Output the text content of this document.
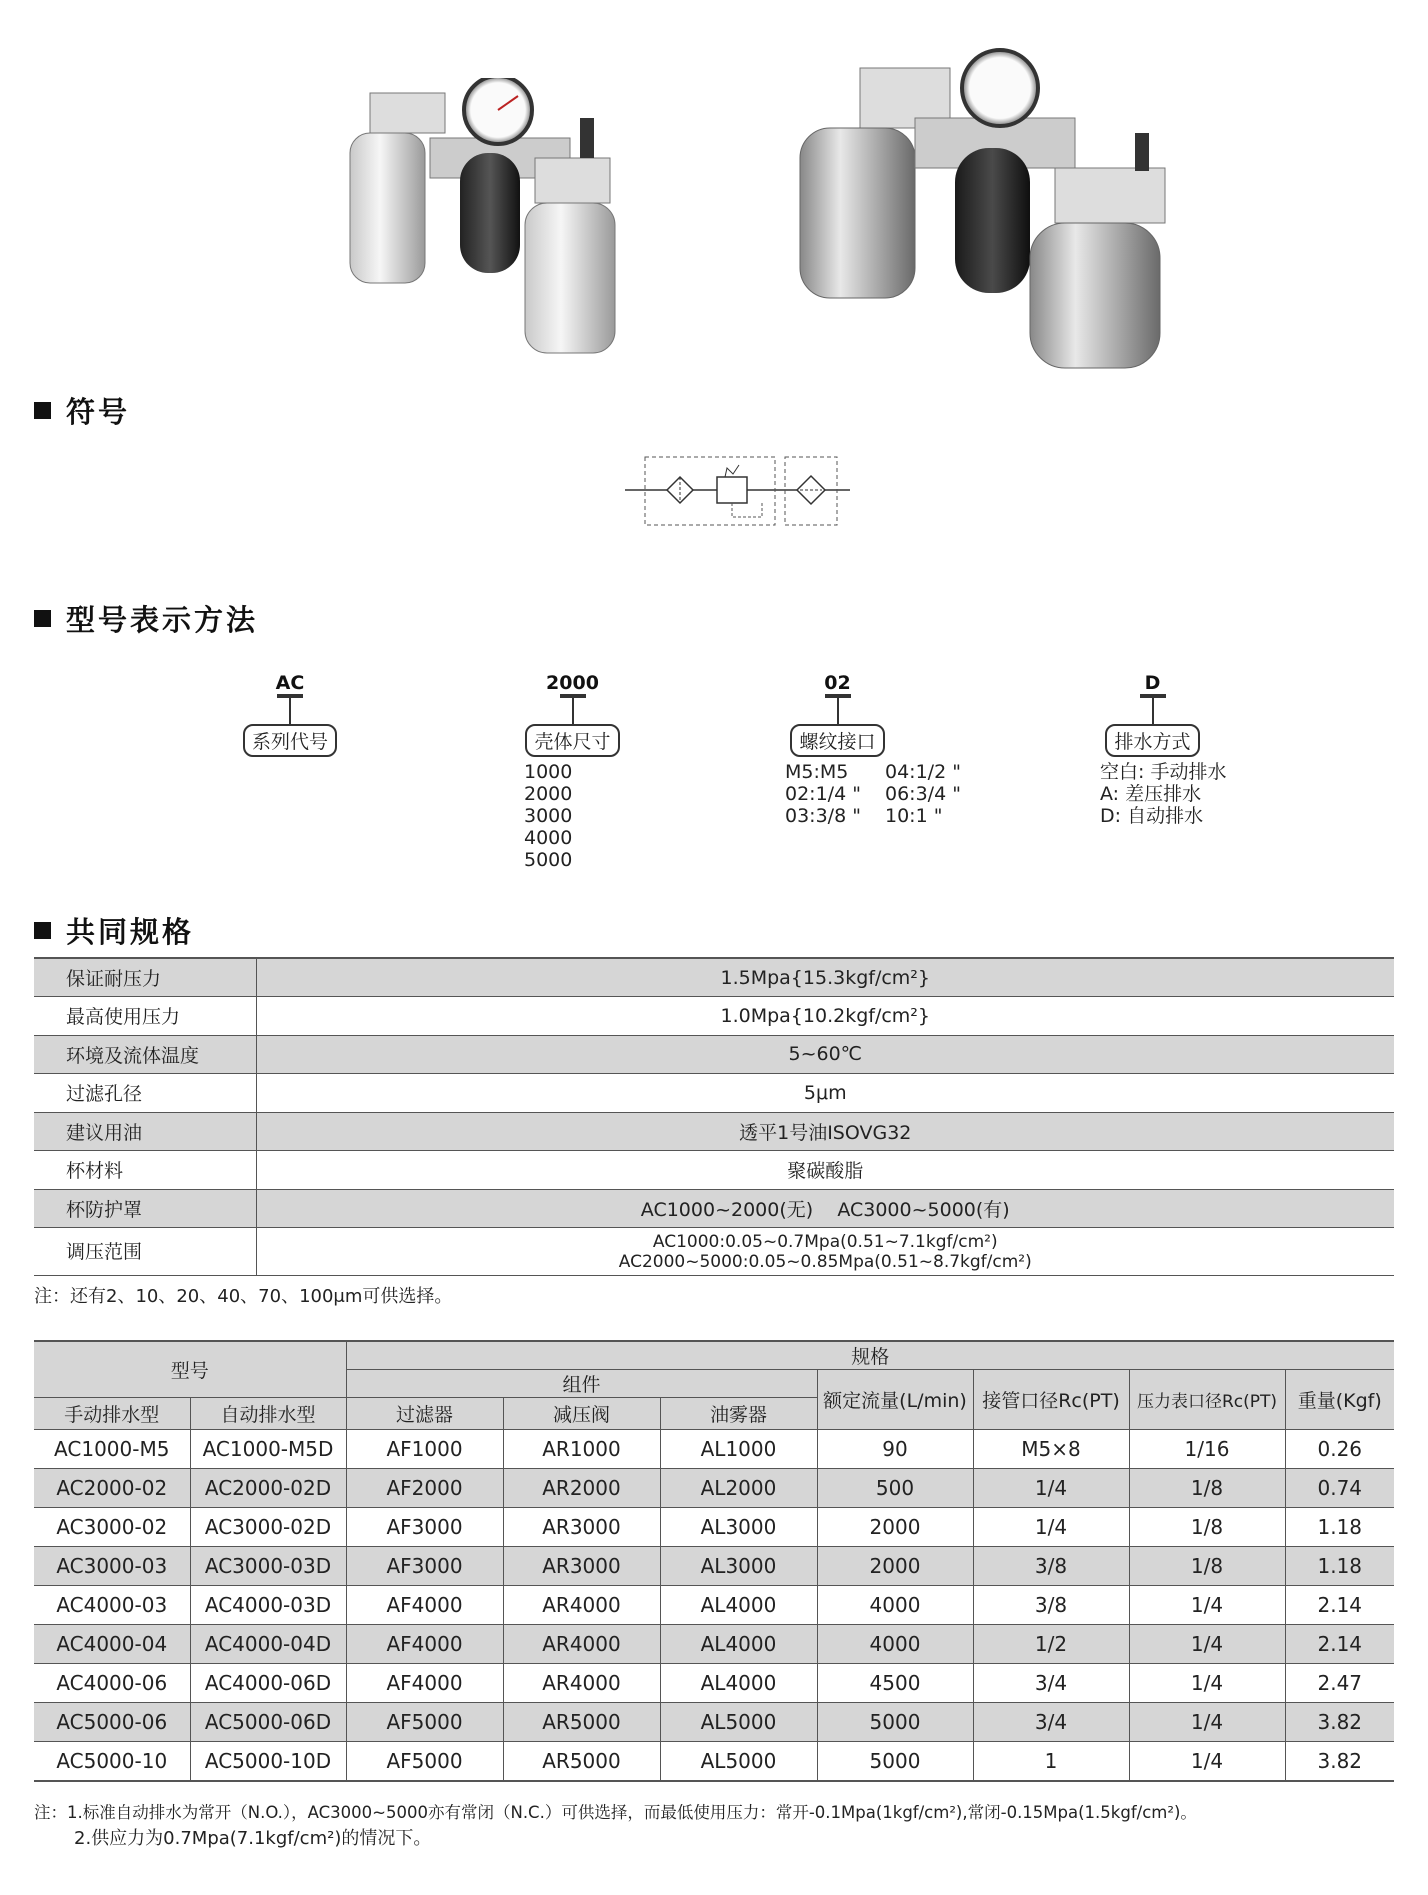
符号
型号表示方法
AC
系列代号
2000
壳体尺寸
1000
2000
3000
4000
5000
02
螺纹接口
M5:M5	04:1/2 "
02:1/4 "	06:3/4 "
03:3/8 "	10:1 "
D
排水方式
空白: 手动排水
A: 差压排水
D: 自动排水
共同规格
保证耐压力	1.5Mpa{15.3kgf/cm²}
最高使用压力	1.0Mpa{10.2kgf/cm²}
环境及流体温度	5~60℃
过滤孔径	5μm
建议用油	透平1号油ISOVG32
杯材料	聚碳酸脂
杯防护罩	AC1000~2000(无)    AC3000~5000(有)
调压范围	AC1000:0.05~0.7Mpa(0.51~7.1kgf/cm²)
AC2000~5000:0.05~0.85Mpa(0.51~8.7kgf/cm²)
注：还有2、10、20、40、70、100μm可供选择。
型号		规格						
		组件			额定流量(L/min)	接管口径Rc(PT)	压力表口径Rc(PT)	重量(Kgf)
手动排水型	自动排水型	过滤器	减压阀	油雾器				
AC1000-M5	AC1000-M5D	AF1000	AR1000	AL1000	90	M5×8	1/16	0.26
AC2000-02	AC2000-02D	AF2000	AR2000	AL2000	500	1/4	1/8	0.74
AC3000-02	AC3000-02D	AF3000	AR3000	AL3000	2000	1/4	1/8	1.18
AC3000-03	AC3000-03D	AF3000	AR3000	AL3000	2000	3/8	1/8	1.18
AC4000-03	AC4000-03D	AF4000	AR4000	AL4000	4000	3/8	1/4	2.14
AC4000-04	AC4000-04D	AF4000	AR4000	AL4000	4000	1/2	1/4	2.14
AC4000-06	AC4000-06D	AF4000	AR4000	AL4000	4500	3/4	1/4	2.47
AC5000-06	AC5000-06D	AF5000	AR5000	AL5000	5000	3/4	1/4	3.82
AC5000-10	AC5000-10D	AF5000	AR5000	AL5000	5000	1	1/4	3.82
注：1.标准自动排水为常开（N.O.），AC3000~5000亦有常闭（N.C.）可供选择，而最低使用压力：常开-0.1Mpa(1kgf/cm²),常闭-0.15Mpa(1.5kgf/cm²)。
2.供应力为0.7Mpa(7.1kgf/cm²)的情况下。
